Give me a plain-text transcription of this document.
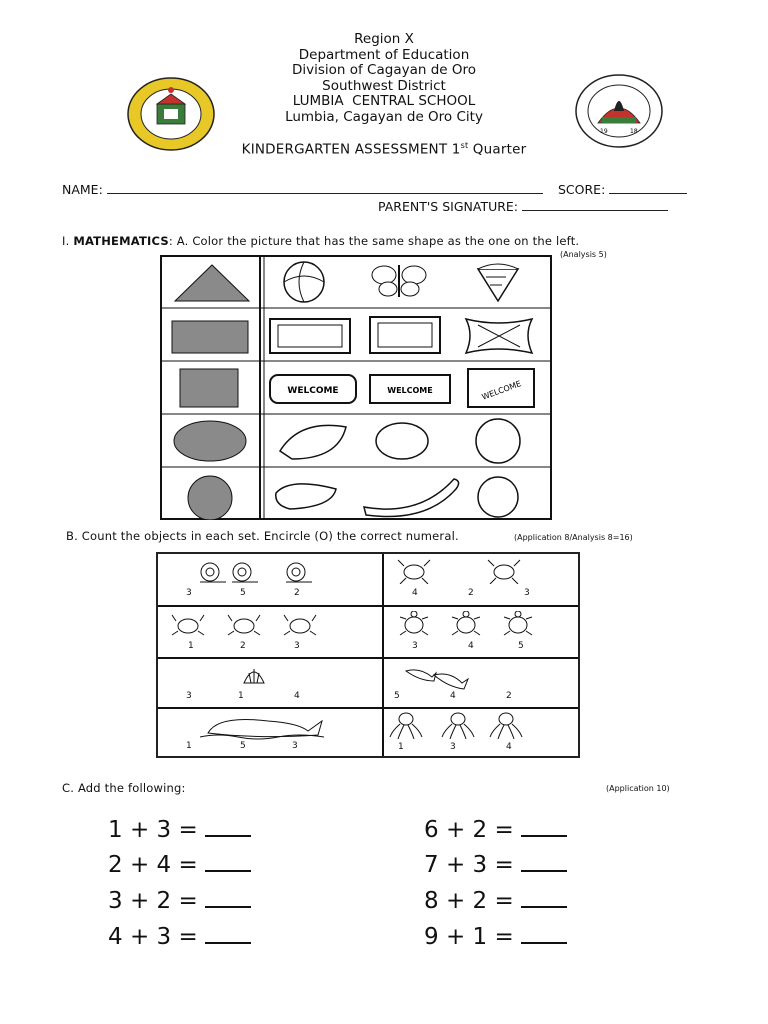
19	18
Region X
Department of Education
Division of Cagayan de Oro
Southwest District
LUMBIA  CENTRAL SCHOOL
Lumbia, Cagayan de Oro City
KINDERGARTEN ASSESSMENT 1st Quarter
NAME:	SCORE:
PARENT'S SIGNATURE:
I. MATHEMATICS: A. Color the picture that has the same shape as the one on the left.
(Analysis 5)
WELCOME	WELCOME	WELCOME
B. Count the objects in each set. Encircle (O) the correct numeral.	(Application 8/Analysis 8=16)
3	5	2	4	2	3
1	2	3	3	4	5
3	1	4	5	4	2
1	5	3	1	3	4
C. Add the following:	(Application 10)
1 + 3 =
2 + 4 =
3 + 2 =
4 + 3 =
6 + 2 =
7 + 3 =
8 + 2 =
9 + 1 =
